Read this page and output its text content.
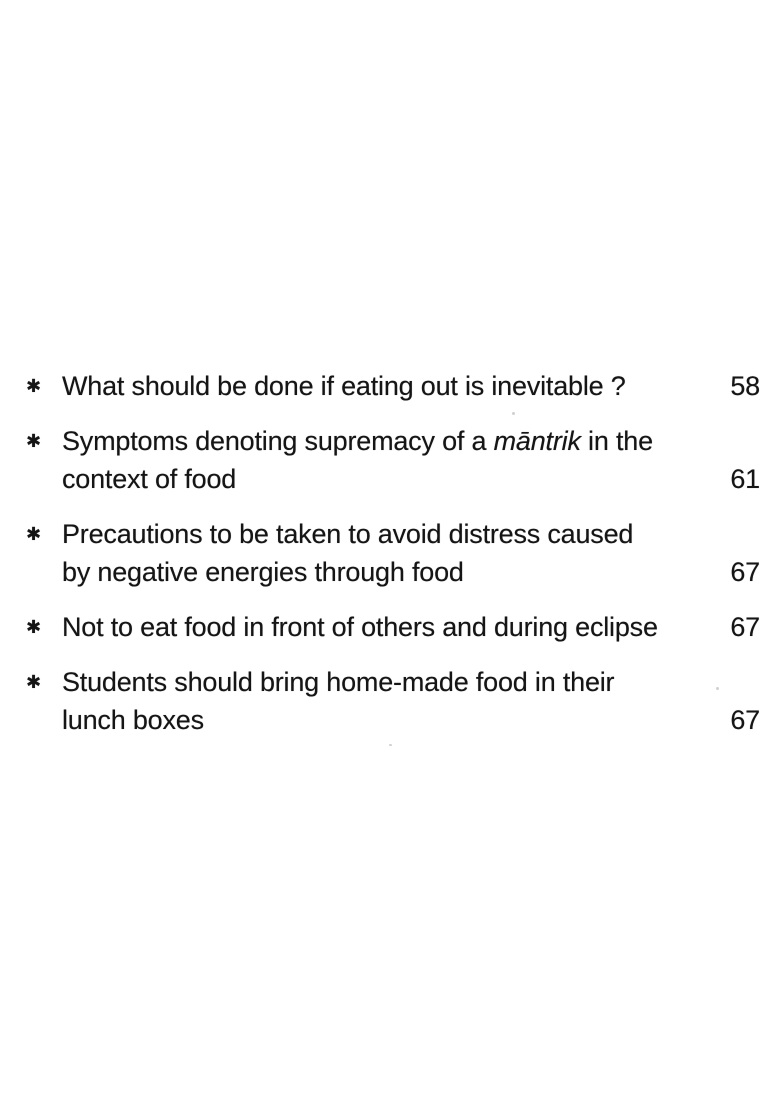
✱ What should be done if eating out is inevitable ?	58
✱ Symptoms denoting supremacy of a māntrik in the
context of food	61
✱ Precautions to be taken to avoid distress caused
by negative energies through food	67
✱ Not to eat food in front of others and during eclipse	67
✱ Students should bring home-made food in their
lunch boxes	67
